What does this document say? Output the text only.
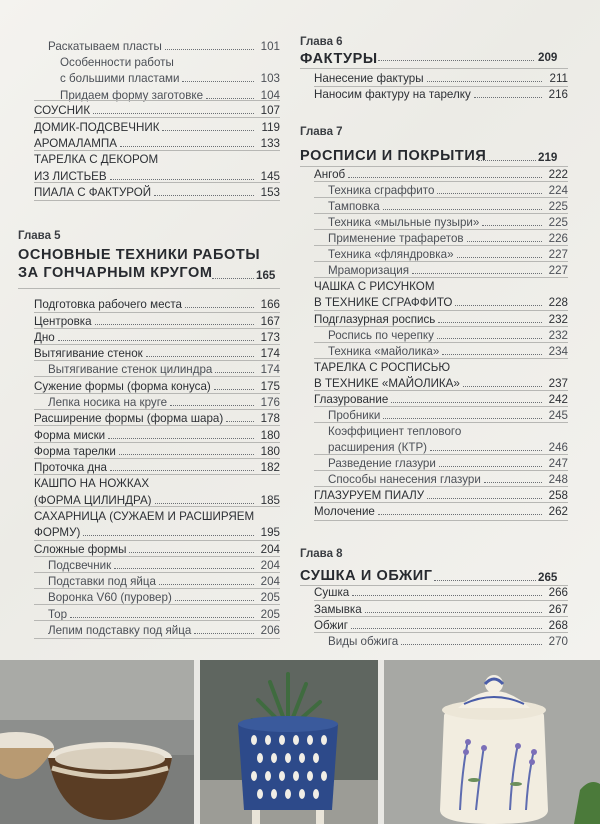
Раскатываем пласты	101
Особенности работы
с большими пластами	103
Придаем форму заготовке	104
СОУСНИК	107
ДОМИК-ПОДСВЕЧНИК	119
АРОМАЛАМПА	133
ТАРЕЛКА С ДЕКОРОМ
ИЗ ЛИСТЬЕВ	145
ПИАЛА С ФАКТУРОЙ	153
Глава 5
ОСНОВНЫЕ ТЕХНИКИ РАБОТЫ
ЗА ГОНЧАРНЫМ КРУГОМ	165
Подготовка рабочего места	166
Центровка	167
Дно	173
Вытягивание стенок	174
Вытягивание стенок цилиндра	174
Сужение формы (форма конуса)	175
Лепка носика на круге	176
Расширение формы (форма шара)	178
Форма миски	180
Форма тарелки	180
Проточка дна	182
КАШПО НА НОЖКАХ
(ФОРМА ЦИЛИНДРА)	185
САХАРНИЦА (СУЖАЕМ И РАСШИРЯЕМ
ФОРМУ)	195
Сложные формы	204
Подсвечник	204
Подставки под яйца	204
Воронка V60 (пуровер)	205
Тор	205
Лепим подставку под яйца	206
Глава 6
ФАКТУРЫ	209
Нанесение фактуры	211
Наносим фактуру на тарелку	216
Глава 7
РОСПИСИ И ПОКРЫТИЯ	219
Ангоб	222
Техника сграффито	224
Тамповка	225
Техника «мыльные пузыри»	225
Применение трафаретов	226
Техника «фляндровка»	227
Мраморизация	227
ЧАШКА С РИСУНКОМ
В ТЕХНИКЕ СГРАФФИТО	228
Подглазурная роспись	232
Роспись по черепку	232
Техника «майолика»	234
ТАРЕЛКА С РОСПИСЬЮ
В ТЕХНИКЕ «МАЙОЛИКА»	237
Глазурование	242
Пробники	245
Коэффициент теплового
расширения (КТР)	246
Разведение глазури	247
Способы нанесения глазури	248
ГЛАЗУРУЕМ ПИАЛУ	258
Молочение	262
Глава 8
СУШКА И ОБЖИГ	265
Сушка	266
Замывка	267
Обжиг	268
Виды обжига	270
